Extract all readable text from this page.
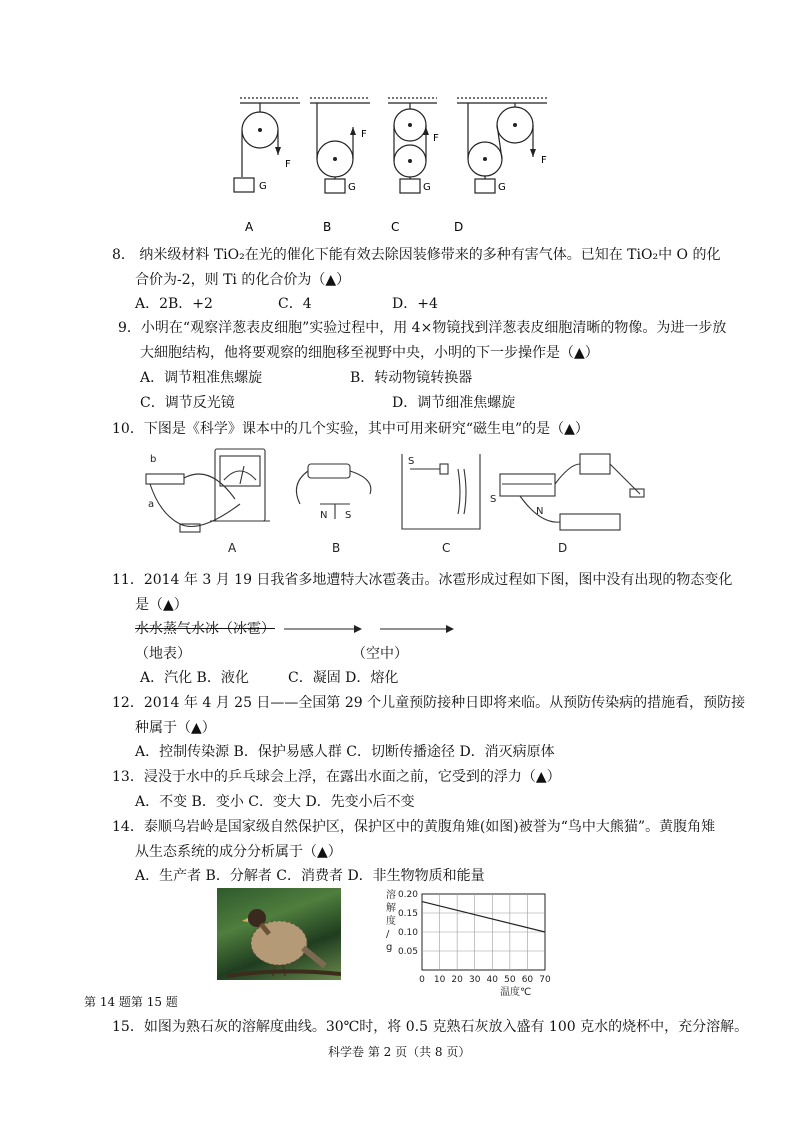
F
F	F
F
G	G	G	G
A	B	C	D
8． 纳米级材料 TiO₂在光的催化下能有效去除因装修带来的多种有害气体。已知在 TiO₂中 O 的化
合价为-2，则 Ti 的化合价为（▲）
A．2B．+2	C．4	D．+4
9．小明在“观察洋葱表皮细胞”实验过程中，用 4×物镜找到洋葱表皮细胞清晰的物像。为进一步放
大細胞结构，他将要观察的细胞移至视野中央，小明的下一步操作是（▲）
A．调节粗准焦螺旋	B．转动物镜转换器
C．调节反光镜	D．调节细准焦螺旋
10．下图是《科学》课本中的几个实验，其中可用来研究“磁生电”的是（▲）
b
a
N S
S
S
N
A	B	C	D
11．2014 年 3 月 19 日我省多地遭特大冰雹袭击。冰雹形成过程如下图，图中没有出现的物态变化
是（▲）
水水蒸气水冰（冰雹）
（地表）	（空中）
A．汽化 B．液化	C．凝固 D．熔化
12．2014 年 4 月 25 日——全国第 29 个儿童预防接种日即将来临。从预防传染病的措施看，预防接
种属于（▲）
A．控制传染源 B．保护易感人群 C．切断传播途径 D．消灭病原体
13．浸没于水中的乒乓球会上浮，在露出水面之前，它受到的浮力（▲）
A．不变 B．变小 C．变大 D．先变小后不变
14．泰顺乌岩岭是国家级自然保护区，保护区中的黄腹角雉(如图)被誉为“鸟中大熊猫”。黄腹角雉
从生态系统的成分分析属于（▲）
A．生产者 B．分解者 C．消费者 D．非生物物质和能量
0.20
0.15
0.10
0.05
0 10 20 30 40 50 60 70
溶
解
度
/
g
温度℃
第 14 题第 15 题
15．如图为熟石灰的溶解度曲线。30℃时，将 0.5 克熟石灰放入盛有 100 克水的烧杯中，充分溶解。
科学卷 第 2 页（共 8 页）
